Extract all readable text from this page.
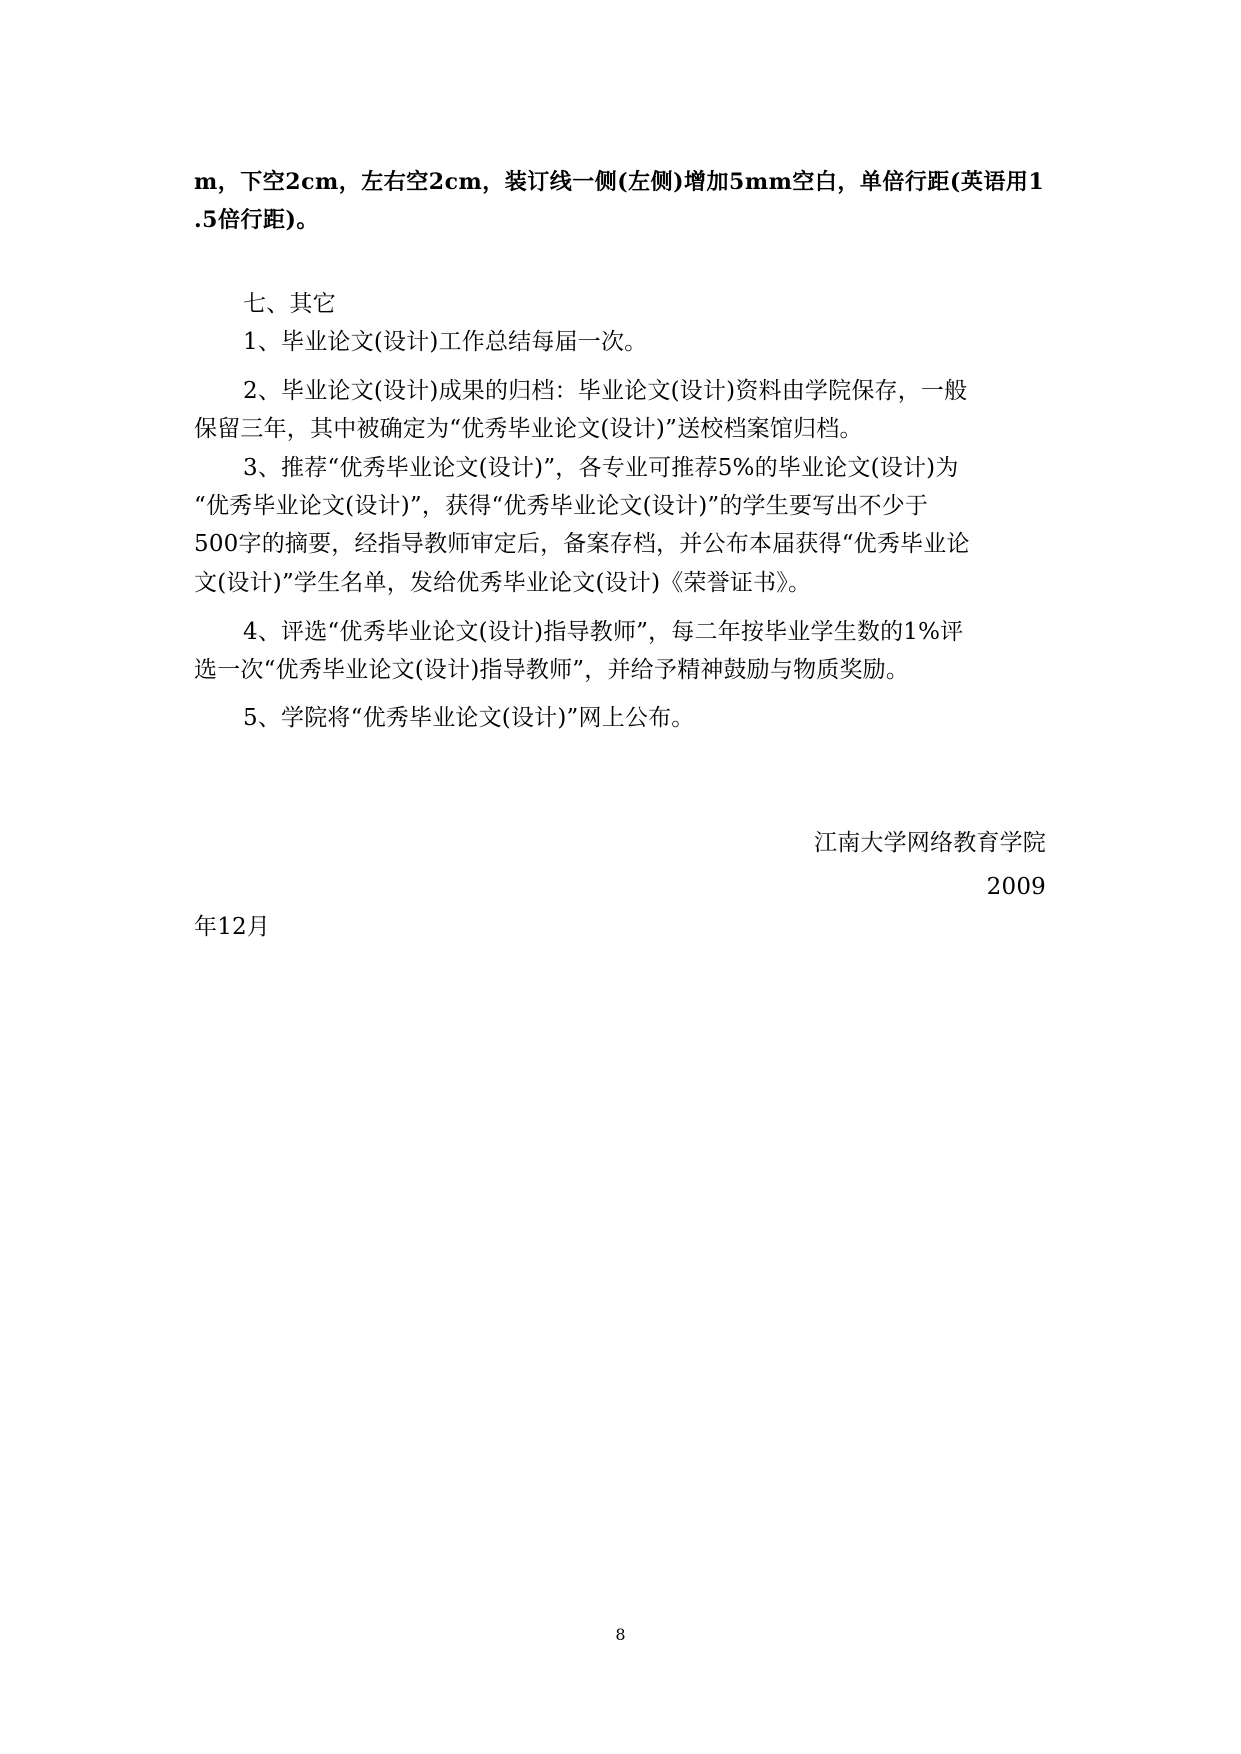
m，下空2cm，左右空2cm，装订线一侧(左侧)增加5mm空白，单倍行距(英语用1
.5倍行距)。
七、其它
1、毕业论文(设计)工作总结每届一次。
2、毕业论文(设计)成果的归档：毕业论文(设计)资料由学院保存，一般
保留三年，其中被确定为“优秀毕业论文(设计)”送校档案馆归档。
3、推荐“优秀毕业论文(设计)”，各专业可推荐5%的毕业论文(设计)为
“优秀毕业论文(设计)”，获得“优秀毕业论文(设计)”的学生要写出不少于
500字的摘要，经指导教师审定后，备案存档，并公布本届获得“优秀毕业论
文(设计)”学生名单，发给优秀毕业论文(设计)《荣誉证书》。
4、评选“优秀毕业论文(设计)指导教师”，每二年按毕业学生数的1%评
选一次“优秀毕业论文(设计)指导教师”，并给予精神鼓励与物质奖励。
5、学院将“优秀毕业论文(设计)”网上公布。
江南大学网络教育学院
2009
年12月
8
